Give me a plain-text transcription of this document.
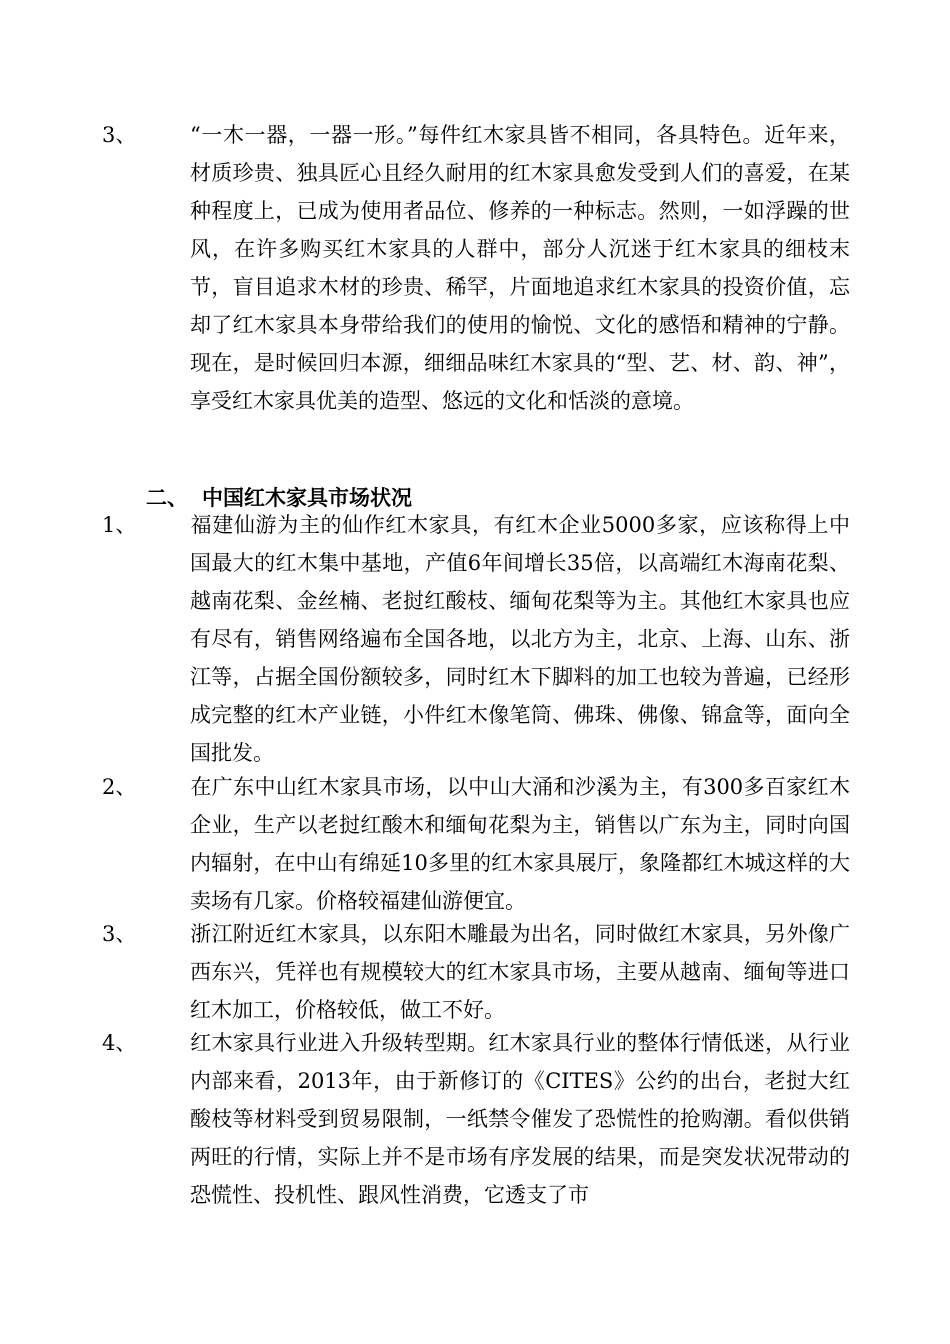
3、	“一木一器，一器一形。”每件红木家具皆不相同，各具特色。近年来，材质珍贵、独具匠心且经久耐用的红木家具愈发受到人们的喜爱，在某种程度上，已成为使用者品位、修养的一种标志。然则，一如浮躁的世风，在许多购买红木家具的人群中，部分人沉迷于红木家具的细枝末节，盲目追求木材的珍贵、稀罕，片面地追求红木家具的投资价值，忘却了红木家具本身带给我们的使用的愉悦、文化的感悟和精神的宁静。现在，是时候回归本源，细细品味红木家具的“型、艺、材、韵、神”，享受红木家具优美的造型、悠远的文化和恬淡的意境。
二、 中国红木家具市场状况
1、	福建仙游为主的仙作红木家具，有红木企业5000多家，应该称得上中国最大的红木集中基地，产值6年间增长35倍，以高端红木海南花梨、越南花梨、金丝楠、老挝红酸枝、缅甸花梨等为主。其他红木家具也应有尽有，销售网络遍布全国各地，以北方为主，北京、上海、山东、浙江等，占据全国份额较多，同时红木下脚料的加工也较为普遍，已经形成完整的红木产业链，小件红木像笔筒、佛珠、佛像、锦盒等，面向全国批发。
2、	在广东中山红木家具市场，以中山大涌和沙溪为主，有300多百家红木企业，生产以老挝红酸木和缅甸花梨为主，销售以广东为主，同时向国内辐射，在中山有绵延10多里的红木家具展厅，象隆都红木城这样的大卖场有几家。价格较福建仙游便宜。
3、	浙江附近红木家具，以东阳木雕最为出名，同时做红木家具，另外像广西东兴，凭祥也有规模较大的红木家具市场，主要从越南、缅甸等进口红木加工，价格较低，做工不好。
4、	红木家具行业进入升级转型期。红木家具行业的整体行情低迷，从行业内部来看，2013年，由于新修订的《CITES》公约的出台，老挝大红酸枝等材料受到贸易限制，一纸禁令催发了恐慌性的抢购潮。看似供销两旺的行情，实际上并不是市场有序发展的结果，而是突发状况带动的恐慌性、投机性、跟风性消费，它透支了市
